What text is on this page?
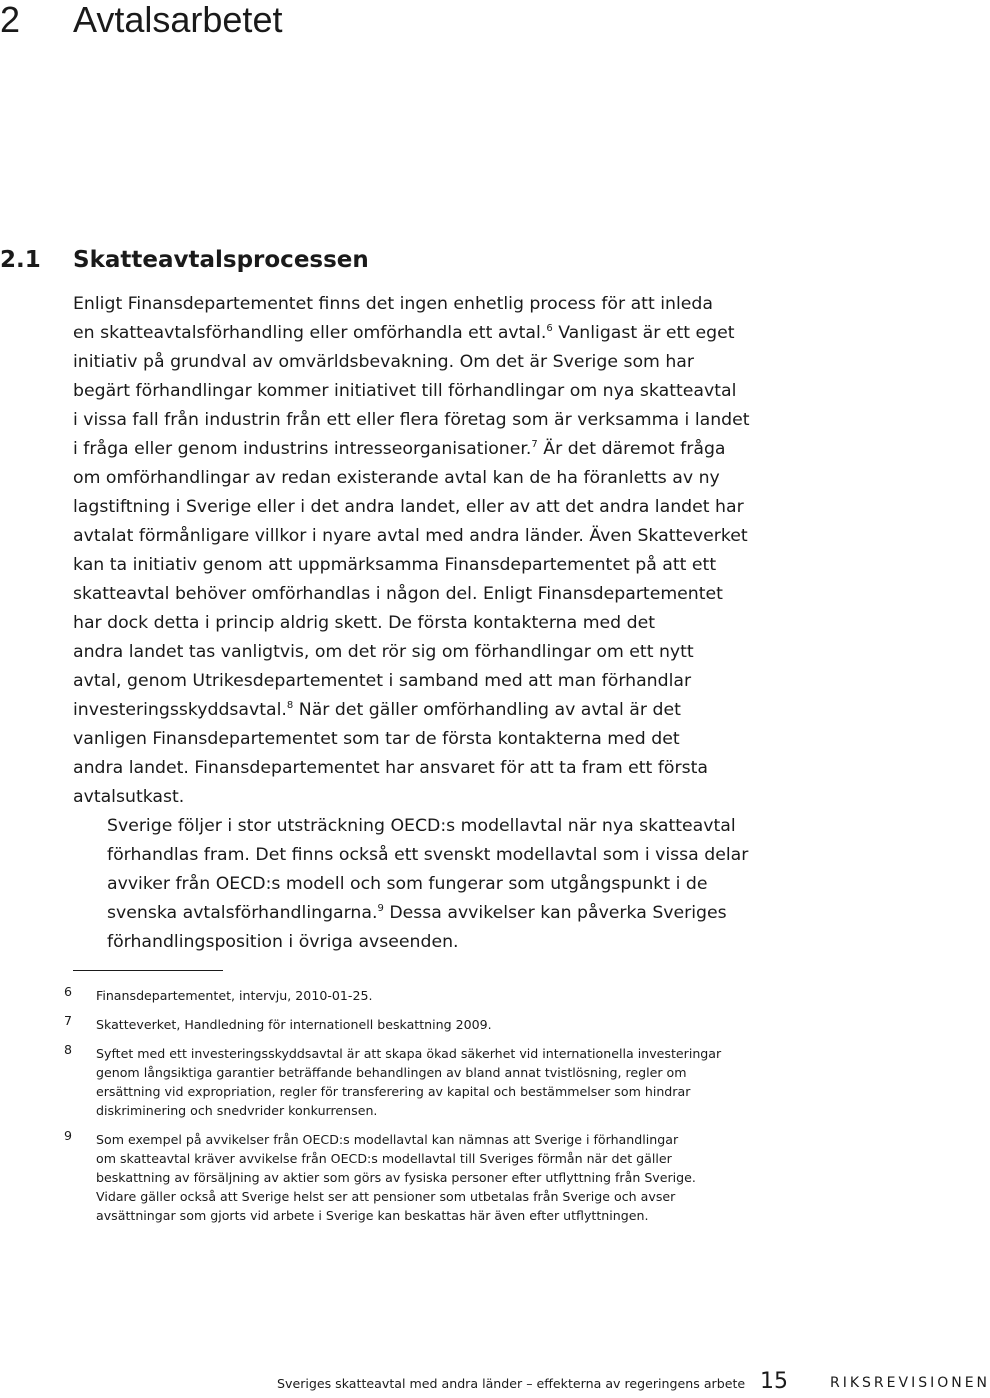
2 Avtalsarbetet
2.1 Skatteavtalsprocessen

Enligt Finansdepartementet finns det ingen enhetlig process för att inleda
en skatteavtalsförhandling eller omförhandla ett avtal.$^6$ Vanligast är ett eget
initiativ på grundval av omvärldsbevakning. Om det är Sverige som har
begärt förhandlingar kommer initiativet till förhandlingar om nya skatteavtal
i vissa fall från industrin från ett eller flera företag som är verksamma i landet
i fråga eller genom industrins intresseorganisationer.$^7$ Är det däremot fråga
om omförhandlingar av redan existerande avtal kan de ha föranletts av ny
lagstiftning i Sverige eller i det andra landet, eller av att det andra landet har
avtalat förmånligare villkor i nyare avtal med andra länder. Även Skatteverket
kan ta initiativ genom att uppmärksamma Finansdepartementet på att ett
skatteavtal behöver omförhandlas i någon del. Enligt Finansdepartementet
har dock detta i princip aldrig skett. De första kontakterna med det
andra landet tas vanligtvis, om det rör sig om förhandlingar om ett nytt
avtal, genom Utrikesdepartementet i samband med att man förhandlar
investeringsskyddsavtal.$^8$ När det gäller omförhandling av avtal är det
vanligen Finansdepartementet som tar de första kontakterna med det
andra landet. Finansdepartementet har ansvaret för att ta fram ett första
avtalsutkast.

Sverige följer i stor utsträckning OECD:s modellavtal när nya skatteavtal
förhandlas fram. Det finns också ett svenskt modellavtal som i vissa delar
avviker från OECD:s modell och som fungerar som utgångspunkt i de
svenska avtalsförhandlingarna.$^9$ Dessa avvikelser kan påverka Sveriges
förhandlingsposition i övriga avseenden.

6 Finansdepartementet, intervju, 2010-01-25.
7 Skatteverket, Handledning för internationell beskattning 2009.
8 Syftet med ett investeringsskyddsavtal är att skapa ökad säkerhet vid internationella investeringar
genom långsiktiga garantier beträffande behandlingen av bland annat tvistlösning, regler om
ersättning vid expropriation, regler för transferering av kapital och bestämmelser som hindrar
diskriminering och snedvrider konkurrensen.
9 Som exempel på avvikelser från OECD:s modellavtal kan nämnas att Sverige i förhandlingar
om skatteavtal kräver avvikelse från OECD:s modellavtal till Sveriges förmån när det gäller
beskattning av försäljning av aktier som görs av fysiska personer efter utflyttning från Sverige.
Vidare gäller också att Sverige helst ser att pensioner som utbetalas från Sverige och avser
avsättningar som gjorts vid arbete i Sverige kan beskattas här även efter utflyttningen.
Sveriges skatteavtal med andra länder – effekterna av regeringens arbete 15	RIKSREVISIONEN
